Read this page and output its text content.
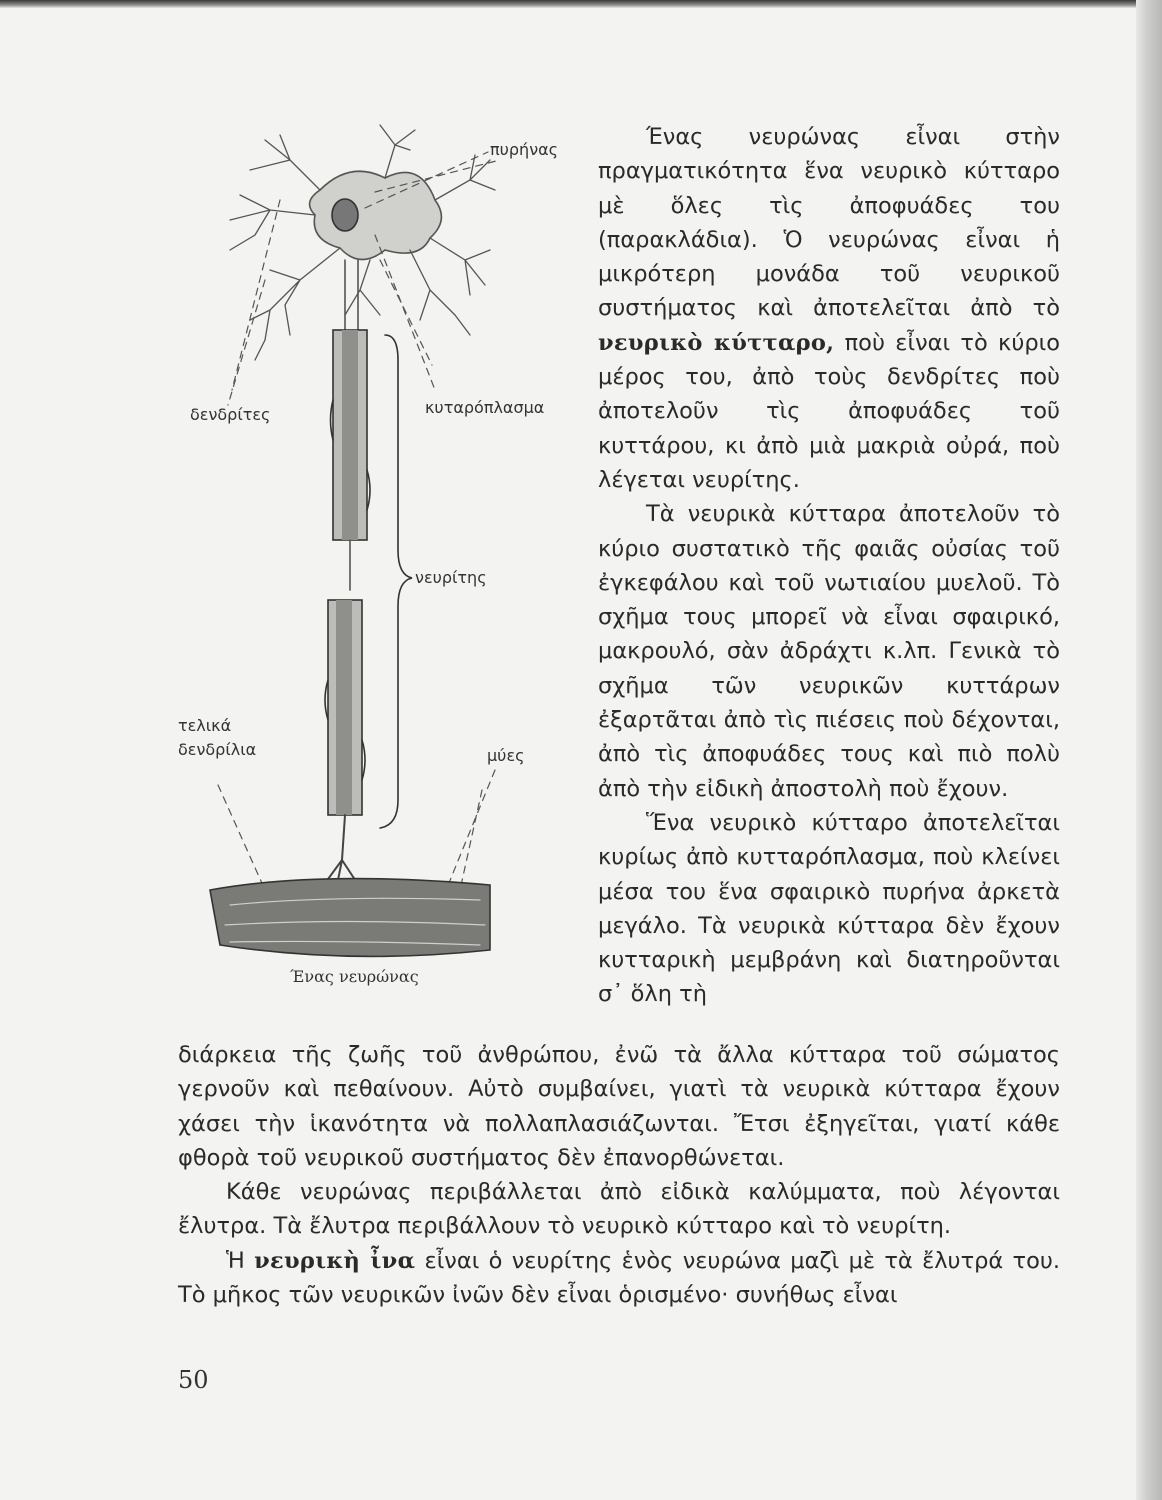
πυρήνας
δενδρίτες	κυταρόπλασμα
νευρίτης
τελικά
δενδρίλια	μύες
Ένας νευρώνας

Ένας νευρώνας εἶναι στὴν πραγματικότητα ἕνα νευρικὸ κύτταρο μὲ ὅλες τὶς ἀποφυάδες του (παρακλάδια). Ὁ νευρώνας εἶναι ἡ μικρότερη μονάδα τοῦ νευρικοῦ συστήματος καὶ ἀποτελεῖται ἀπὸ τὸ νευρικὸ κύτταρο, ποὺ εἶναι τὸ κύριο μέρος του, ἀπὸ τοὺς δενδρίτες ποὺ ἀποτελοῦν τὶς ἀποφυάδες τοῦ κυττάρου, κι ἀπὸ μιὰ μακριὰ οὐρά, ποὺ λέγεται νευρίτης.

Τὰ νευρικὰ κύτταρα ἀποτελοῦν τὸ κύριο συστατικὸ τῆς φαιᾶς οὐσίας τοῦ ἐγκεφάλου καὶ τοῦ νωτιαίου μυελοῦ. Τὸ σχῆμα τους μπορεῖ νὰ εἶναι σφαιρικό, μακρουλό, σὰν ἀδράχτι κ.λπ. Γενικὰ τὸ σχῆμα τῶν νευρικῶν κυττάρων ἐξαρτᾶται ἀπὸ τὶς πιέσεις ποὺ δέχονται, ἀπὸ τὶς ἀποφυάδες τους καὶ πιὸ πολὺ ἀπὸ τὴν εἰδικὴ ἀποστολὴ ποὺ ἔχουν.

Ἕνα νευρικὸ κύτταρο ἀποτελεῖται κυρίως ἀπὸ κυτταρόπλασμα, ποὺ κλείνει μέσα του ἕνα σφαιρικὸ πυρήνα ἀρκετὰ μεγάλο. Τὰ νευρικὰ κύτταρα δὲν ἔχουν κυτταρικὴ μεμβράνη καὶ διατηροῦνται σ᾽ ὅλη τὴ

διάρκεια τῆς ζωῆς τοῦ ἀνθρώπου, ἐνῶ τὰ ἄλλα κύτταρα τοῦ σώματος γερνοῦν καὶ πεθαίνουν. Αὐτὸ συμβαίνει, γιατὶ τὰ νευρικὰ κύτταρα ἔχουν χάσει τὴν ἱκανότητα νὰ πολλαπλασιάζωνται. Ἔτσι ἐξηγεῖται, γιατί κάθε φθορὰ τοῦ νευρικοῦ συστήματος δὲν ἐπανορθώνεται.

Κάθε νευρώνας περιβάλλεται ἀπὸ εἰδικὰ καλύμματα, ποὺ λέγονται ἔλυτρα. Τὰ ἔλυτρα περιβάλλουν τὸ νευρικὸ κύτταρο καὶ τὸ νευρίτη.

Ἡ νευρικὴ ἶνα εἶναι ὁ νευρίτης ἑνὸς νευρώνα μαζὶ μὲ τὰ ἔλυτρά του. Τὸ μῆκος τῶν νευρικῶν ἰνῶν δὲν εἶναι ὁρισμένο· συνήθως εἶναι

50
